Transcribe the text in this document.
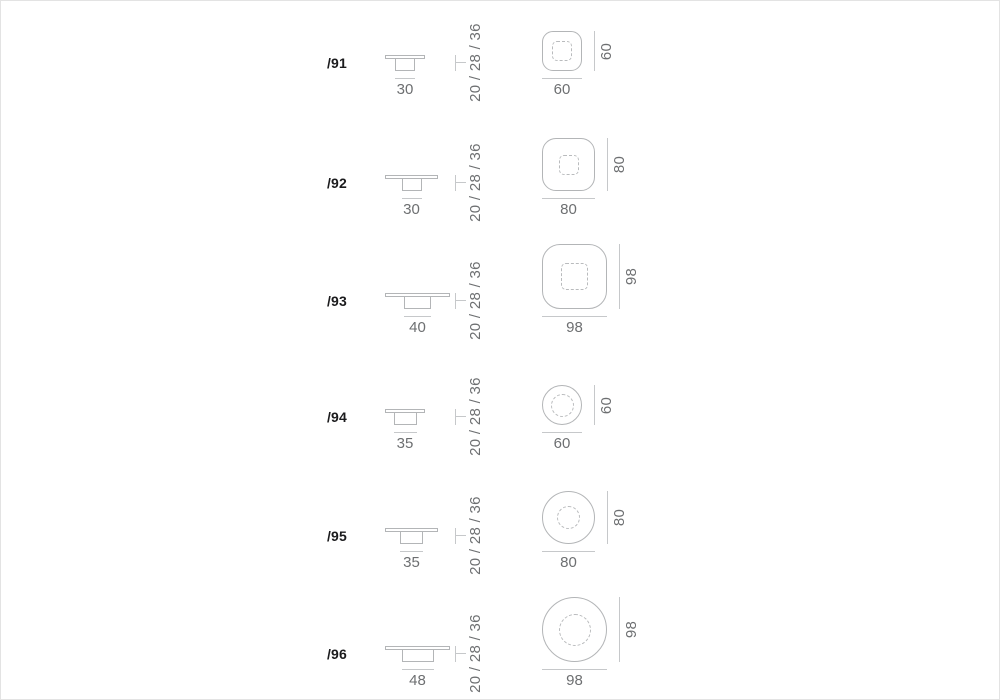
/91
30	20 / 28 / 36	60
60
/92
30	20 / 28 / 36	80
80
/93
40	20 / 28 / 36	98
98
/94
35	20 / 28 / 36	60
60
/95
35	20 / 28 / 36	80
80
/96
48	20 / 28 / 36	98
98
